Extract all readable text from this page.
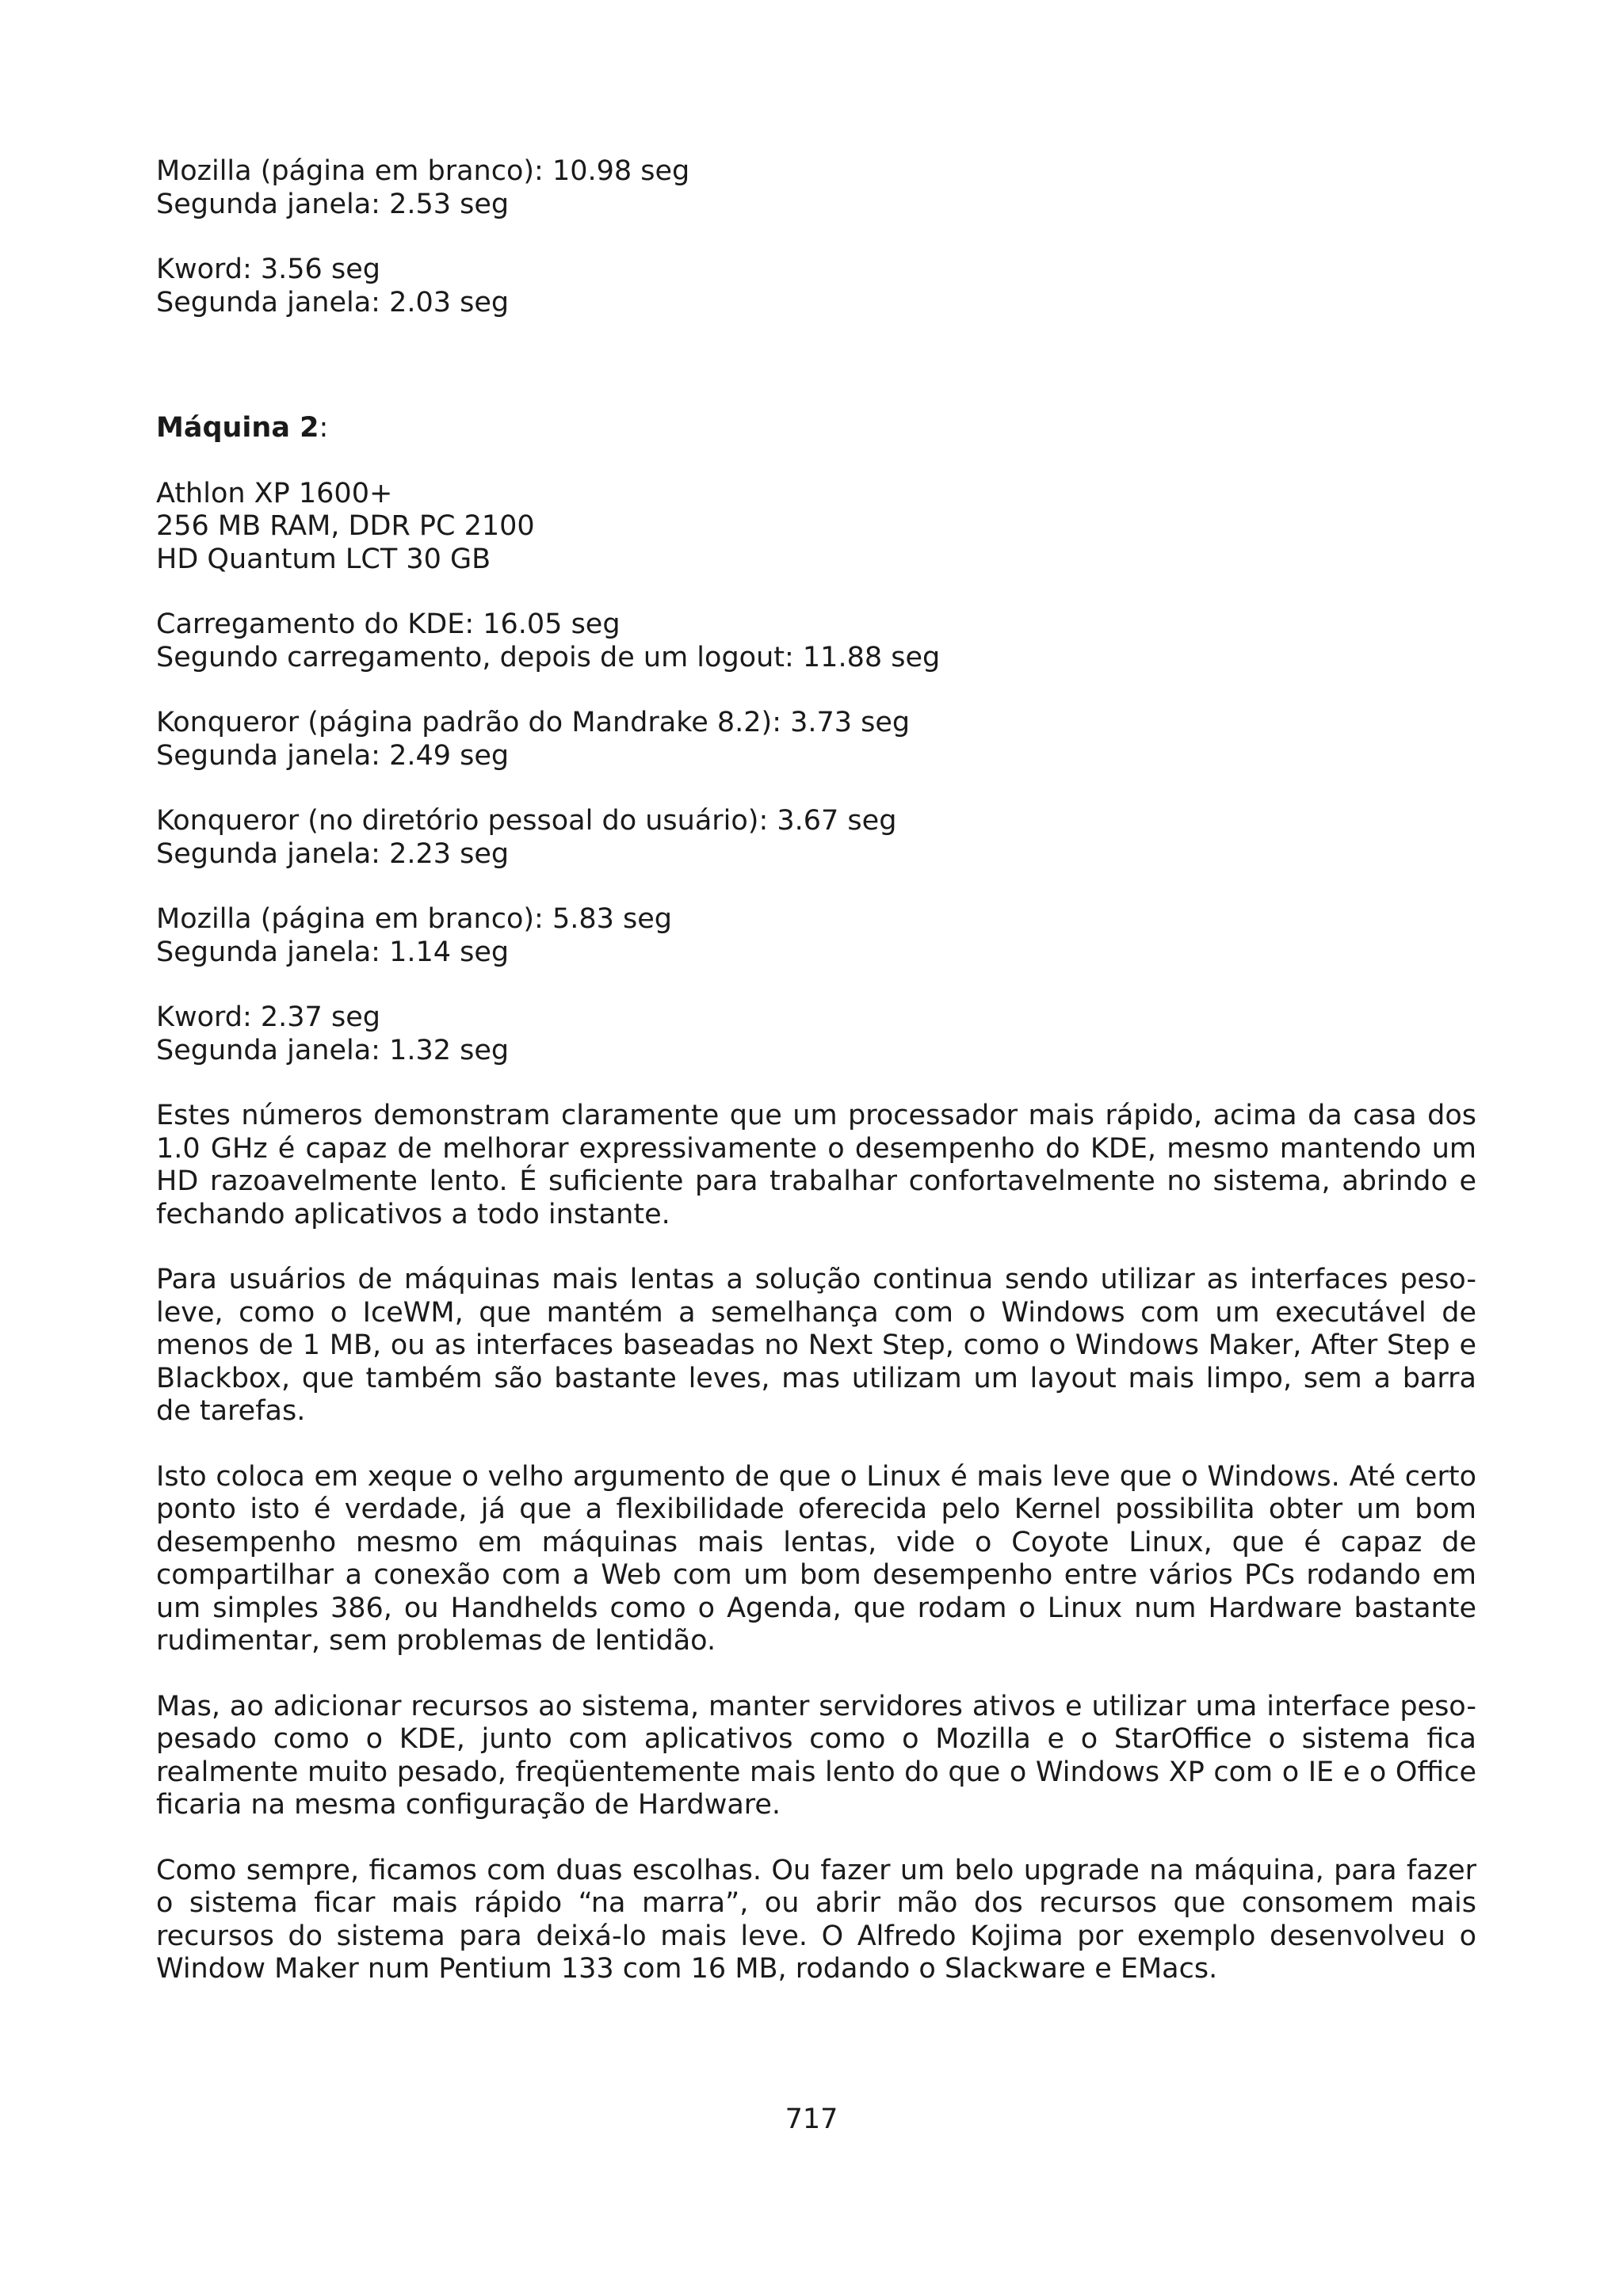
Mozilla (página em branco): 10.98 seg
Segunda janela: 2.53 seg
Kword: 3.56 seg
Segunda janela: 2.03 seg
Máquina 2:
Athlon XP 1600+
256 MB RAM, DDR PC 2100
HD Quantum LCT 30 GB
Carregamento do KDE: 16.05 seg
Segundo carregamento, depois de um logout: 11.88 seg
Konqueror (página padrão do Mandrake 8.2): 3.73 seg
Segunda janela: 2.49 seg
Konqueror (no diretório pessoal do usuário): 3.67 seg
Segunda janela: 2.23 seg
Mozilla (página em branco): 5.83 seg
Segunda janela: 1.14 seg
Kword: 2.37 seg
Segunda janela: 1.32 seg

Estes números demonstram claramente que um processador mais rápido, acima da casa dos 1.0 GHz é capaz de melhorar expressivamente o desempenho do KDE, mesmo mantendo um HD razoavelmente lento. É suficiente para trabalhar confortavelmente no sistema, abrindo e fechando aplicativos a todo instante.

Para usuários de máquinas mais lentas a solução continua sendo utilizar as interfaces peso-leve, como o IceWM, que mantém a semelhança com o Windows com um executável de menos de 1 MB, ou as interfaces baseadas no Next Step, como o Windows Maker, After Step e Blackbox, que também são bastante leves, mas utilizam um layout mais limpo, sem a barra de tarefas.

Isto coloca em xeque o velho argumento de que o Linux é mais leve que o Windows. Até certo ponto isto é verdade, já que a flexibilidade oferecida pelo Kernel possibilita obter um bom desempenho mesmo em máquinas mais lentas, vide o Coyote Linux, que é capaz de compartilhar a conexão com a Web com um bom desempenho entre vários PCs rodando em um simples 386, ou Handhelds como o Agenda, que rodam o Linux num Hardware bastante rudimentar, sem problemas de lentidão.

Mas, ao adicionar recursos ao sistema, manter servidores ativos e utilizar uma interface peso-pesado como o KDE, junto com aplicativos como o Mozilla e o StarOffice o sistema fica realmente muito pesado, freqüentemente mais lento do que o Windows XP com o IE e o Office ficaria na mesma configuração de Hardware.

Como sempre, ficamos com duas escolhas. Ou fazer um belo upgrade na máquina, para fazer o sistema ficar mais rápido “na marra”, ou abrir mão dos recursos que consomem mais recursos do sistema para deixá-lo mais leve. O Alfredo Kojima por exemplo desenvolveu o Window Maker num Pentium 133 com 16 MB, rodando o Slackware e EMacs.

717
